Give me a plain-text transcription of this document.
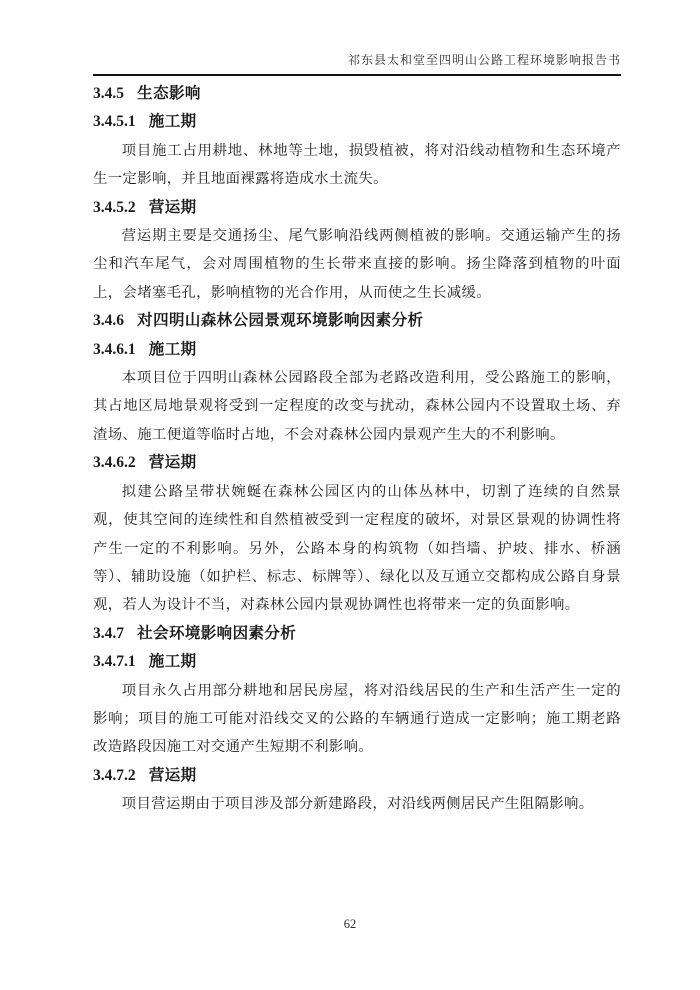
祁东县太和堂至四明山公路工程环境影响报告书
3.4.5 生态影响
3.4.5.1 施工期

项目施工占用耕地、林地等土地，损毁植被，将对沿线动植物和生态环境产生一定影响，并且地面裸露将造成水土流失。

3.4.5.2 营运期

营运期主要是交通扬尘、尾气影响沿线两侧植被的影响。交通运输产生的扬尘和汽车尾气，会对周围植物的生长带来直接的影响。扬尘降落到植物的叶面上，会堵塞毛孔，影响植物的光合作用，从而使之生长减缓。

3.4.6 对四明山森林公园景观环境影响因素分析
3.4.6.1 施工期

本项目位于四明山森林公园路段全部为老路改造利用，受公路施工的影响，其占地区局地景观将受到一定程度的改变与扰动，森林公园内不设置取土场、弃渣场、施工便道等临时占地，不会对森林公园内景观产生大的不利影响。

3.4.6.2 营运期

拟建公路呈带状婉蜒在森林公园区内的山体丛林中，切割了连续的自然景观，使其空间的连续性和自然植被受到一定程度的破坏，对景区景观的协调性将产生一定的不利影响。另外，公路本身的构筑物（如挡墙、护坡、排水、桥涵等）、辅助设施（如护栏、标志、标牌等）、绿化以及互通立交都构成公路自身景观，若人为设计不当，对森林公园内景观协调性也将带来一定的负面影响。

3.4.7 社会环境影响因素分析
3.4.7.1 施工期

项目永久占用部分耕地和居民房屋，将对沿线居民的生产和生活产生一定的影响；项目的施工可能对沿线交叉的公路的车辆通行造成一定影响；施工期老路改造路段因施工对交通产生短期不利影响。

3.4.7.2 营运期

项目营运期由于项目涉及部分新建路段，对沿线两侧居民产生阻隔影响。

62
